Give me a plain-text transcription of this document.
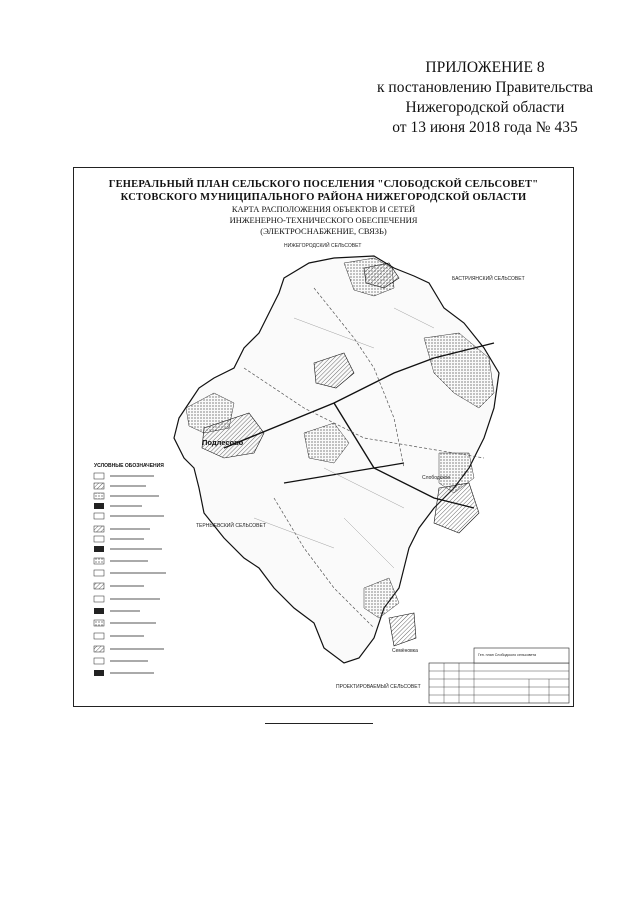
ПРИЛОЖЕНИЕ 8
к постановлению Правительства
Нижегородской области
от 13 июня 2018 года № 435
ГЕНЕРАЛЬНЫЙ ПЛАН СЕЛЬСКОГО ПОСЕЛЕНИЯ "СЛОБОДСКОЙ СЕЛЬСОВЕТ"
КСТОВСКОГО МУНИЦИПАЛЬНОГО РАЙОНА НИЖЕГОРОДСКОЙ ОБЛАСТИ
КАРТА РАСПОЛОЖЕНИЯ ОБЪЕКТОВ И СЕТЕЙ
ИНЖЕНЕРНО-ТЕХНИЧЕСКОГО ОБЕСПЕЧЕНИЯ
(ЭЛЕКТРОСНАБЖЕНИЕ, СВЯЗЬ)
НИЖЕГОРОДСКИЙ СЕЛЬСОВЕТ
БАСТРИЯНСКИЙ СЕЛЬСОВЕТ
ТЕРНЫЕВСКИЙ СЕЛЬСОВЕТ
ПРОЕКТИРОВАЕМЫЙ СЕЛЬСОВЕТ
Подлесово
Слободское
Семёновка
УСЛОВНЫЕ ОБОЗНАЧЕНИЯ
Ген. план Слободского сельсовета
